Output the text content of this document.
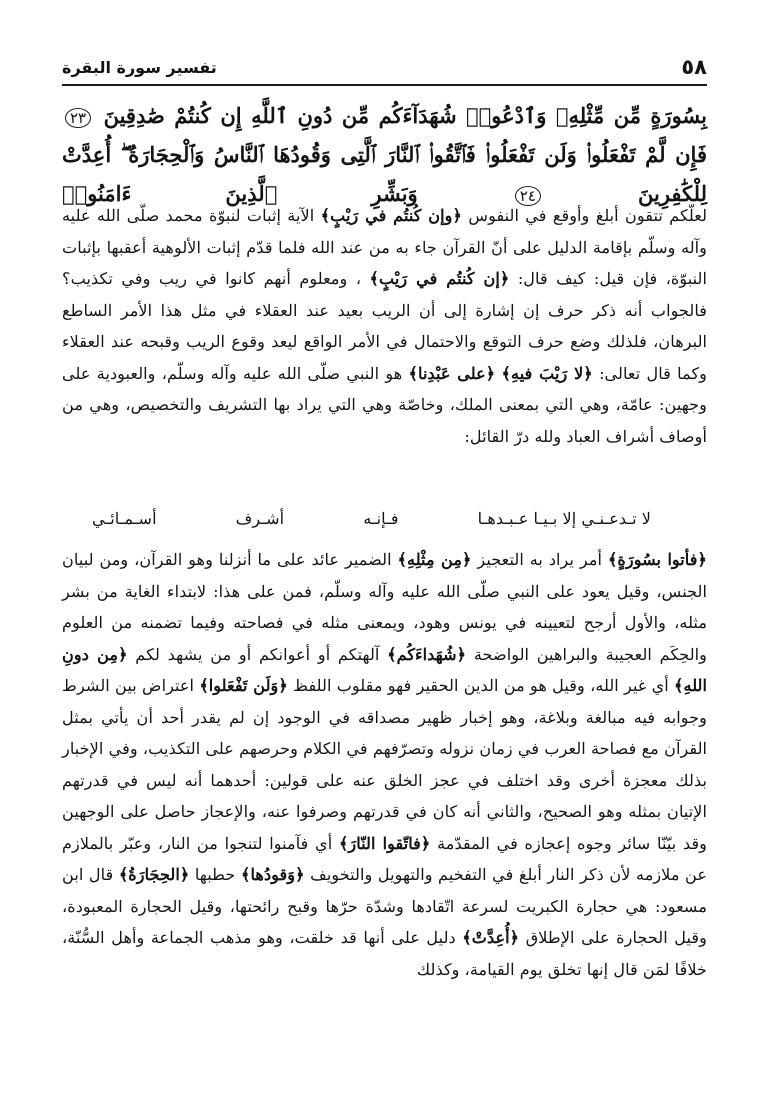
٥٨
تفسير سورة البقرة
بِسُورَةٍ مِّن مِّثْلِهِۦ وَٱدْعُوا۟ شُهَدَآءَكُم مِّن دُونِ ٱللَّهِ إِن كُنتُمْ صَٰدِقِينَ ٢٣ فَإِن لَّمْ تَفْعَلُوا۟ وَلَن تَفْعَلُوا۟ فَٱتَّقُوا۟ ٱلنَّارَ ٱلَّتِى وَقُودُهَا ٱلنَّاسُ وَٱلْحِجَارَةُ ۖ أُعِدَّتْ لِلْكَٰفِرِينَ ٢٤ وَبَشِّرِ ٱلَّذِينَ ءَامَنُوا۟
لعلّكم تتقون أبلغ وأوقع في النفوس ﴿وإن كُنتُم في رَيْبٍ﴾ الآية إثبات لنبوّة محمد صلّى الله عليه وآله وسلّم بإقامة الدليل على أنّ القرآن جاء به من عند الله فلما قدّم إثبات الألوهية أعقبها بإثبات النبوّة، فإن قيل: كيف قال: ﴿إن كُنتُم في رَيْبٍ﴾ ، ومعلوم أنهم كانوا في ريب وفي تكذيب؟ فالجواب أنه ذكر حرف إن إشارة إلى أن الريب بعيد عند العقلاء في مثل هذا الأمر الساطع البرهان، فلذلك وضع حرف التوقع والاحتمال في الأمر الواقع ليعد وقوع الريب وقبحه عند العقلاء وكما قال تعالى: ﴿لا رَيْبَ فيهِ﴾ ﴿على عَبْدِنا﴾ هو النبي صلّى الله عليه وآله وسلّم، والعبودية على وجهين: عامّة، وهي التي بمعنى الملك، وخاصّة وهي التي يراد بها التشريف والتخصيص، وهي من أوصاف أشراف العباد ولله درّ القائل:
لا تـدعـنـي إلا بـيـا عـبـدهـا
فـإنـه
أشـرف
أسـمـائـي
﴿فأتوا بسُورَةٍ﴾ أمر يراد به التعجيز ﴿مِن مِثْلِهِ﴾ الضمير عائد على ما أنزلنا وهو القرآن، ومن لبيان الجنس، وقيل يعود على النبي صلّى الله عليه وآله وسلّم، فمن على هذا: لابتداء الغاية من بشر مثله، والأول أرجح لتعيينه في يونس وهود، ويمعنى مثله في فصاحته وفيما تضمنه من العلوم والحِكَم العجيبة والبراهين الواضحة ﴿شُهَداءَكُم﴾ آلهتكم أو أعوانكم أو من يشهد لكم ﴿مِن دونِ اللهِ﴾ أي غير الله، وقيل هو من الدين الحقير فهو مقلوب اللفظ ﴿وَلَن تَفْعَلوا﴾ اعتراض بين الشرط وجوابه فيه مبالغة وبلاغة، وهو إخبار ظهير مصداقه في الوجود إن لم يقدر أحد أن يأتي بمثل القرآن مع فصاحة العرب في زمان نزوله وتصرّفهم في الكلام وحرصهم على التكذيب، وفي الإخبار بذلك معجزة أخرى وقد اختلف في عجز الخلق عنه على قولين: أحدهما أنه ليس في قدرتهم الإتيان بمثله وهو الصحيح، والثاني أنه كان في قدرتهم وصرفوا عنه، والإعجاز حاصل على الوجهين وقد بيّنّا سائر وجوه إعجازه في المقدّمة ﴿فاتّقوا النّارَ﴾ أي فآمنوا لتنجوا من النار، وعبّر بالملازم عن ملازمه لأن ذكر النار أبلغ في التفخيم والتهويل والتخويف ﴿وَقودُها﴾ حطبها ﴿الحِجَارَةُ﴾ قال ابن مسعود: هي حجارة الكبريت لسرعة اتّقادها وشدّة حرّها وقبح رائحتها، وقيل الحجارة المعبودة، وقيل الحجارة على الإطلاق ﴿أُعِدَّتْ﴾ دليل على أنها قد خلقت، وهو مذهب الجماعة وأهل السُّنّة، خلافًا لمَن قال إنها تخلق يوم القيامة، وكذلك
